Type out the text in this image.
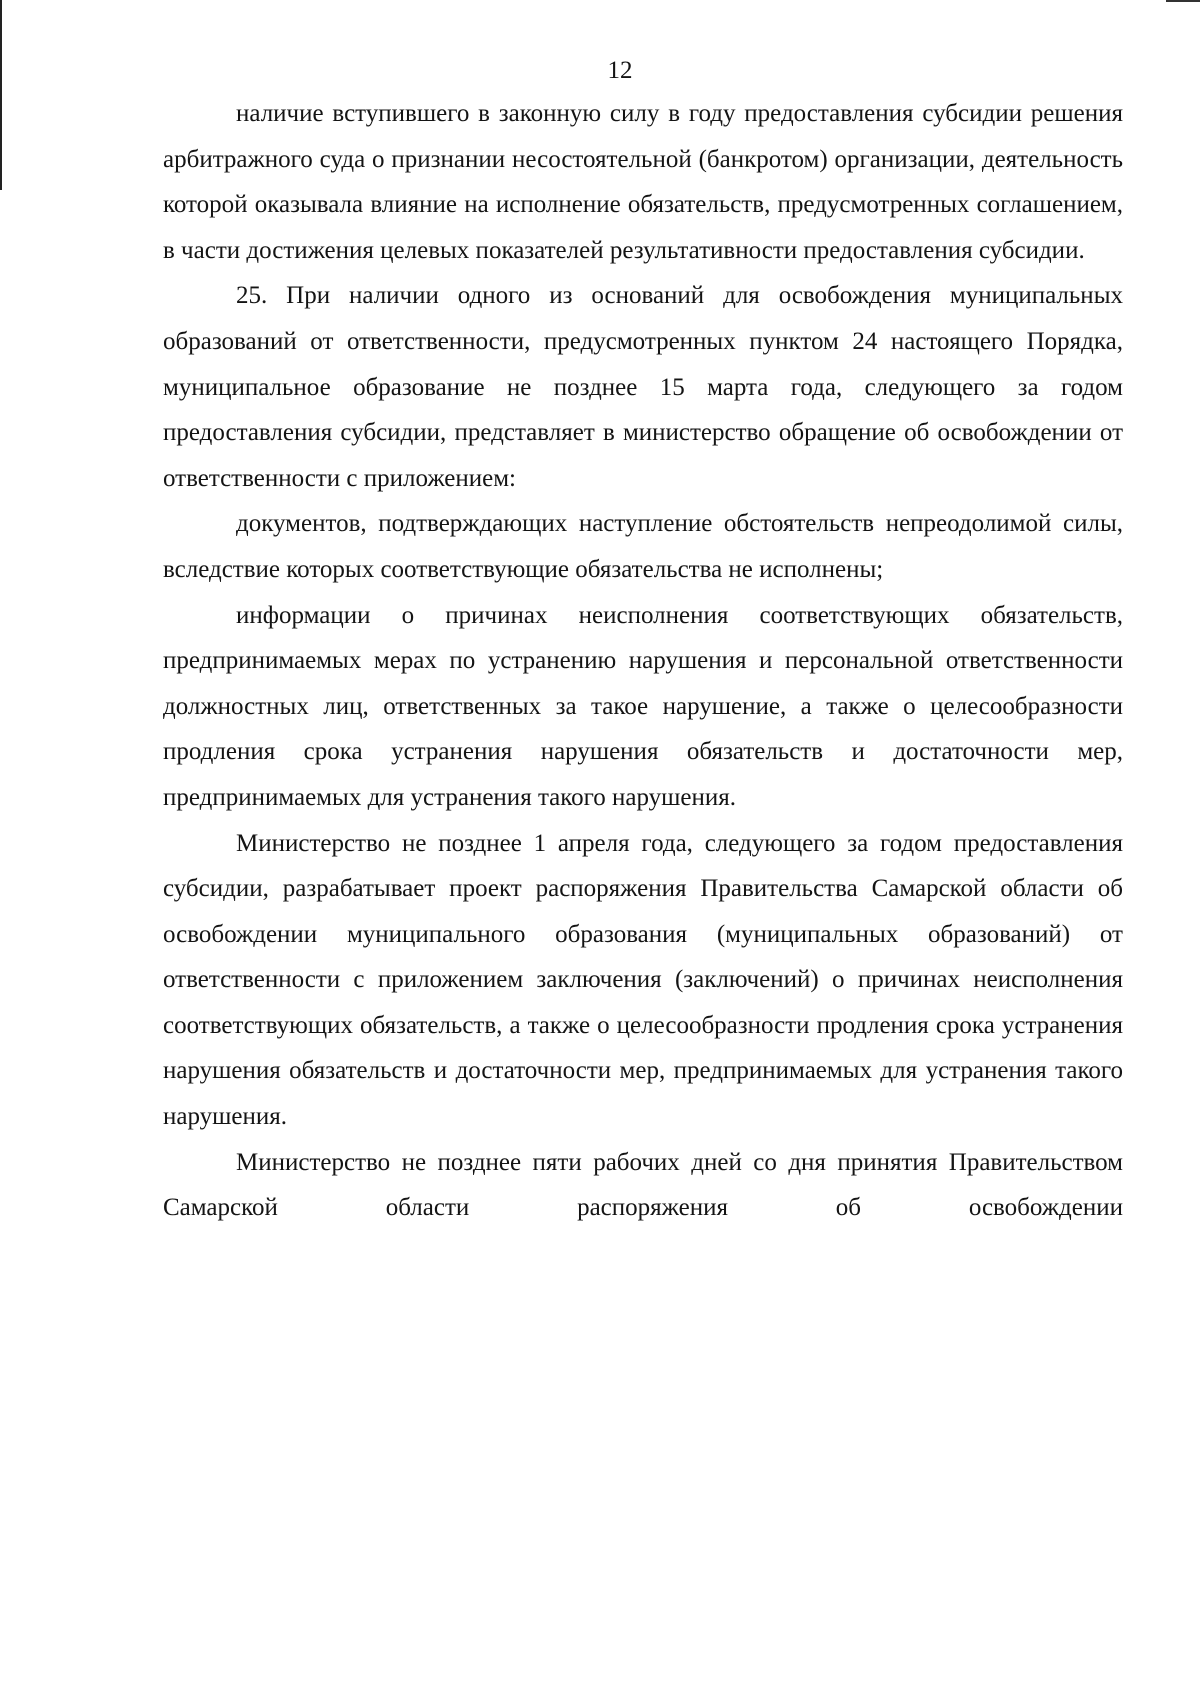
12

наличие вступившего в законную силу в году предоставления субсидии решения арбитражного суда о признании несостоятельной (банкротом) организации, деятельность которой оказывала влияние на исполнение обязательств, предусмотренных соглашением, в части достижения целевых показателей результативности предоставления субсидии.

25. При наличии одного из оснований для освобождения муниципальных образований от ответственности, предусмотренных пунктом 24 настоящего Порядка, муниципальное образование не позднее 15 марта года, следующего за годом предоставления субсидии, представляет в министерство обращение об освобождении от ответственности с приложением:

документов, подтверждающих наступление обстоятельств непреодолимой силы, вследствие которых соответствующие обязательства не исполнены;

информации о причинах неисполнения соответствующих обязательств, предпринимаемых мерах по устранению нарушения и персональной ответственности должностных лиц, ответственных за такое нарушение, а также о целесообразности продления срока устранения нарушения обязательств и достаточности мер, предпринимаемых для устранения такого нарушения.

Министерство не позднее 1 апреля года, следующего за годом предоставления субсидии, разрабатывает проект распоряжения Правительства Самарской области об освобождении муниципального образования (муниципальных образований) от ответственности с приложением заключения (заключений) о причинах неисполнения соответствующих обязательств, а также о целесообразности продления срока устранения нарушения обязательств и достаточности мер, предпринимаемых для устранения такого нарушения.

Министерство не позднее пяти рабочих дней со дня принятия Правительством Самарской области распоряжения об освобождении
